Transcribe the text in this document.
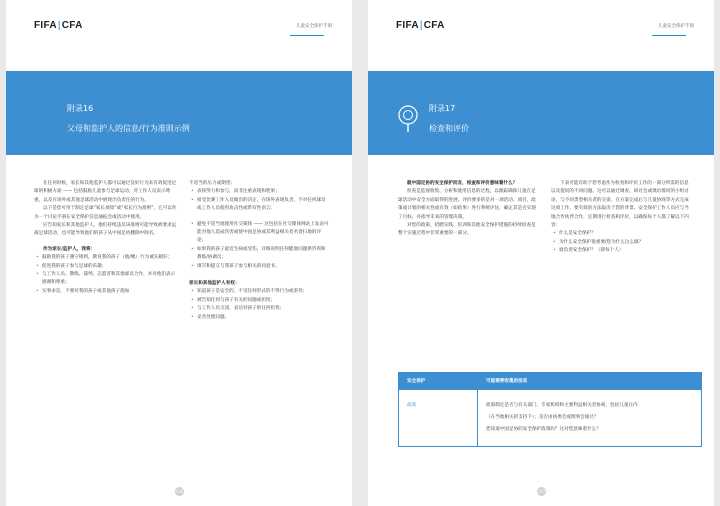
FIFA|CFA	儿童安全保护手册
附录16
父母和监护人的信息/行为准则示例

在任何时候，家长和其他监护人都可以通过良好行为来有效促进足球的积极方面 —— 包括鼓励儿童参与足球运动，对工作人员表示尊重，以及在场外或其他足球活动中展现出负责任的行为。

以下是您可用于制定足球“家长须知”或“家长行为准则”，它可以作为一个讨论手册在安全保护信息通报会或活动中使用。

应告知家长和其他监护人，他们持续违反该准则可能导致被要求远离足球活动，也可能导致他们的孩子从中国足协删除中除名。

作为家长/监护人，我将：

• 鼓励我的孩子遵守规则，教育我的孩子（他/她）行为诚实履好；
• 促进我的孩子参与足球的乐趣；
• 与工作人员、教练、裁判、志愿者和其他球员合作，并对他们表示感谢和尊重；
• 实事求是，不要对我的孩子或其他孩子施加
不适当的压力或期望；
• 表扬努力和参与，而非注重表现和胜果；
• 接受比赛工作人员做出的决定，在场外表现负责，不对任何球员或工作人员使用攻击性或带有性语言；
• 避免不适当地使用社交媒体 —— 这包括在社交媒体网站上发表可能对他人造成伤害或使中国足协或其利益相关者名誉扫地的评论；
• 如果我的孩子最近生病或受伤，详细说明任何健康问题供咨询和教练/协调员；
• 填写和提交与我孩子参与相关的同意书。
家长和其他监护人有权：
• 知道孩子是安全的，不受任何形式的不得行为或虐待；
• 被告知任何与孩子有关的问题或担忧；
• 与工作人员交谈，表达对孩子的任何担忧；
• 妥善处理问题。
106
FIFA|CFA	儿童安全保护手册
附录17
检查和评价

就中国足协的安全保护而言，检查和评价意味着什么？

检查是监视收集、分析和使用信息的过程，以跟踪确保儿童在足球活动中安全方面取得的进展。评价要多的是对一项活动、项目、政策或计划的相关性或有效（如结果）进行系统评估，确定其是否实现了目标，并指导未来的管理决策。

对您的政策、招聘实践、培训和其他安全保护措施的持续检查是整个实施过程中非常重要的一部分。

下表可能有助于您考虑作为检查和评价工作的一部分所需的信息以及提问的不同问题。这可以通过调查、研讨会或填访群同的小组讨论，与不同类型相关者的交谈、在方案完成后与儿童协商等方式完成这项工作。要有效的方法取决于您的背景。安全保护工作人员应与当地合作伙伴合作，定期进行检查和评价，以确保每个人都了解以下内容：

• 什么是安全保护？
• 为什么安全保护很重要/您为什么这么做？
• 谁负责安全保护？（即每个人）
107
安全保护	可能需要收集的信息
政策	政策制定是否与有关部门、专家机构和主要利益相关者协商，包括儿童在内
（在当地相关的支持下）；是否由执委会或理事会通过？
您知道中国足协的安全保护政策吗？这对您意味着什么？
